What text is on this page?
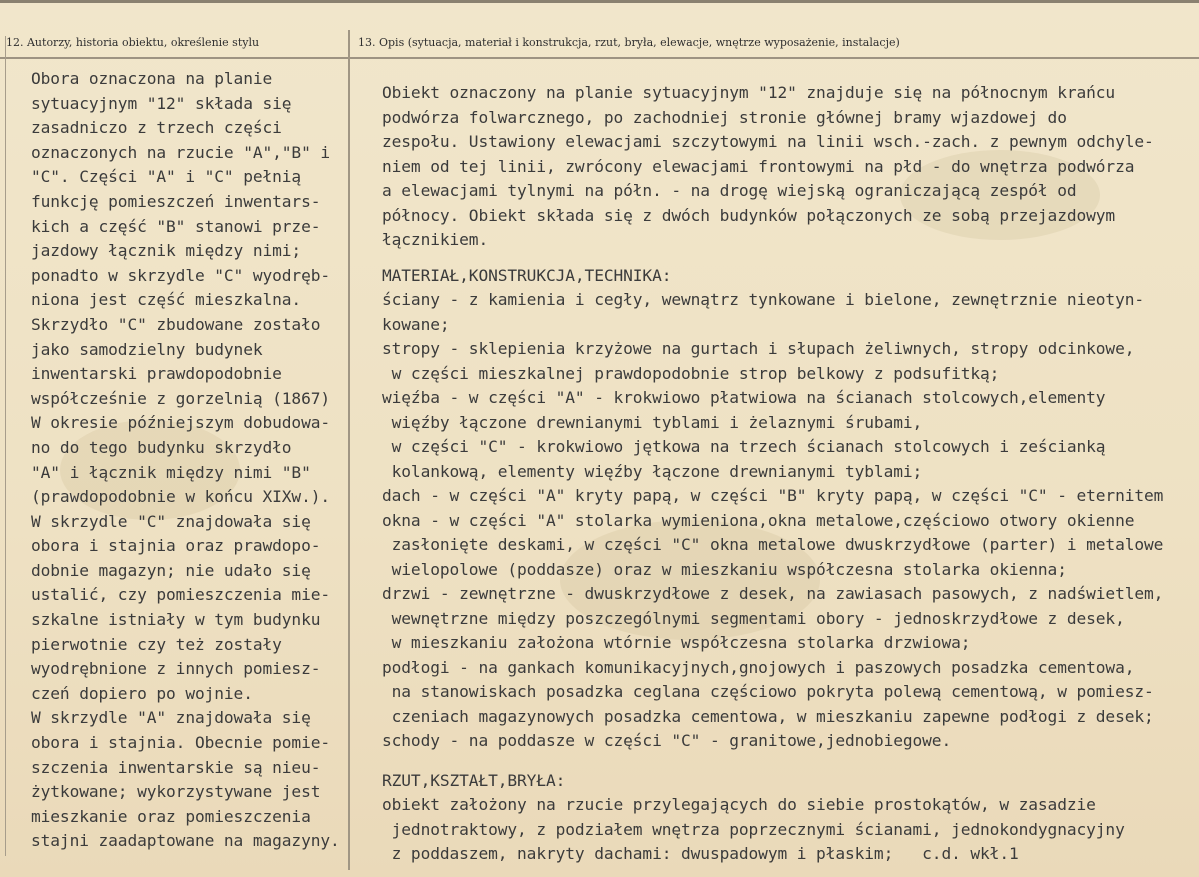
12. Autorzy, historia obiektu, określenie stylu	13. Opis (sytuacja, materiał i konstrukcja, rzut, bryła, elewacje, wnętrze wyposażenie, instalacje)
Obora oznaczona na planie
sytuacyjnym "12" składa się
zasadniczo z trzech części
oznaczonych na rzucie "A","B" i
"C". Części "A" i "C" pełnią
funkcję pomieszczeń inwentars-
kich a część "B" stanowi prze-
jazdowy łącznik między nimi;
ponadto w skrzydle "C" wyodręb-
niona jest część mieszkalna.
Skrzydło "C" zbudowane zostało
jako samodzielny budynek
inwentarski prawdopodobnie
współcześnie z gorzelnią (1867)
W okresie późniejszym dobudowa-
no do tego budynku skrzydło
"A" i łącznik między nimi "B"
(prawdopodobnie w końcu XIXw.).
W skrzydle "C" znajdowała się
obora i stajnia oraz prawdopo-
dobnie magazyn; nie udało się
ustalić, czy pomieszczenia mie-
szkalne istniały w tym budynku
pierwotnie czy też zostały
wyodrębnione z innych pomiesz-
czeń dopiero po wojnie.
W skrzydle "A" znajdowała się
obora i stajnia. Obecnie pomie-
szczenia inwentarskie są nieu-
żytkowane; wykorzystywane jest
mieszkanie oraz pomieszczenia
stajni zaadaptowane na magazyny.
Obiekt oznaczony na planie sytuacyjnym "12" znajduje się na północnym krańcu
podwórza folwarcznego, po zachodniej stronie głównej bramy wjazdowej do
zespołu. Ustawiony elewacjami szczytowymi na linii wsch.-zach. z pewnym odchyle-
niem od tej linii, zwrócony elewacjami frontowymi na płd - do wnętrza podwórza
a elewacjami tylnymi na półn. - na drogę wiejską ograniczającą zespół od
północy. Obiekt składa się z dwóch budynków połączonych ze sobą przejazdowym
łącznikiem.
MATERIAŁ,KONSTRUKCJA,TECHNIKA:
ściany - z kamienia i cegły, wewnątrz tynkowane i bielone, zewnętrznie nieotyn-
kowane;
stropy - sklepienia krzyżowe na gurtach i słupach żeliwnych, stropy odcinkowe,
w części mieszkalnej prawdopodobnie strop belkowy z podsufitką;
więźba - w części "A" - krokwiowo płatwiowa na ścianach stolcowych,elementy
więźby łączone drewnianymi tyblami i żelaznymi śrubami,
w części "C" - krokwiowo jętkowa na trzech ścianach stolcowych i ześcianką
kolankową, elementy więźby łączone drewnianymi tyblami;
dach - w części "A" kryty papą, w części "B" kryty papą, w części "C" - eternitem
okna - w części "A" stolarka wymieniona,okna metalowe,częściowo otwory okienne
zasłonięte deskami, w części "C" okna metalowe dwuskrzydłowe (parter) i metalowe
wielopolowe (poddasze) oraz w mieszkaniu współczesna stolarka okienna;
drzwi - zewnętrzne - dwuskrzydłowe z desek, na zawiasach pasowych, z nadświetlem,
wewnętrzne między poszczególnymi segmentami obory - jednoskrzydłowe z desek,
w mieszkaniu założona wtórnie współczesna stolarka drzwiowa;
podłogi - na gankach komunikacyjnych,gnojowych i paszowych posadzka cementowa,
na stanowiskach posadzka ceglana częściowo pokryta polewą cementową, w pomiesz-
czeniach magazynowych posadzka cementowa, w mieszkaniu zapewne podłogi z desek;
schody - na poddasze w części "C" - granitowe,jednobiegowe.
RZUT,KSZTAŁT,BRYŁA:
obiekt założony na rzucie przylegających do siebie prostokątów, w zasadzie
jednotraktowy, z podziałem wnętrza poprzecznymi ścianami, jednokondygnacyjny
z poddaszem, nakryty dachami: dwuspadowym i płaskim;   c.d. wkł.1
